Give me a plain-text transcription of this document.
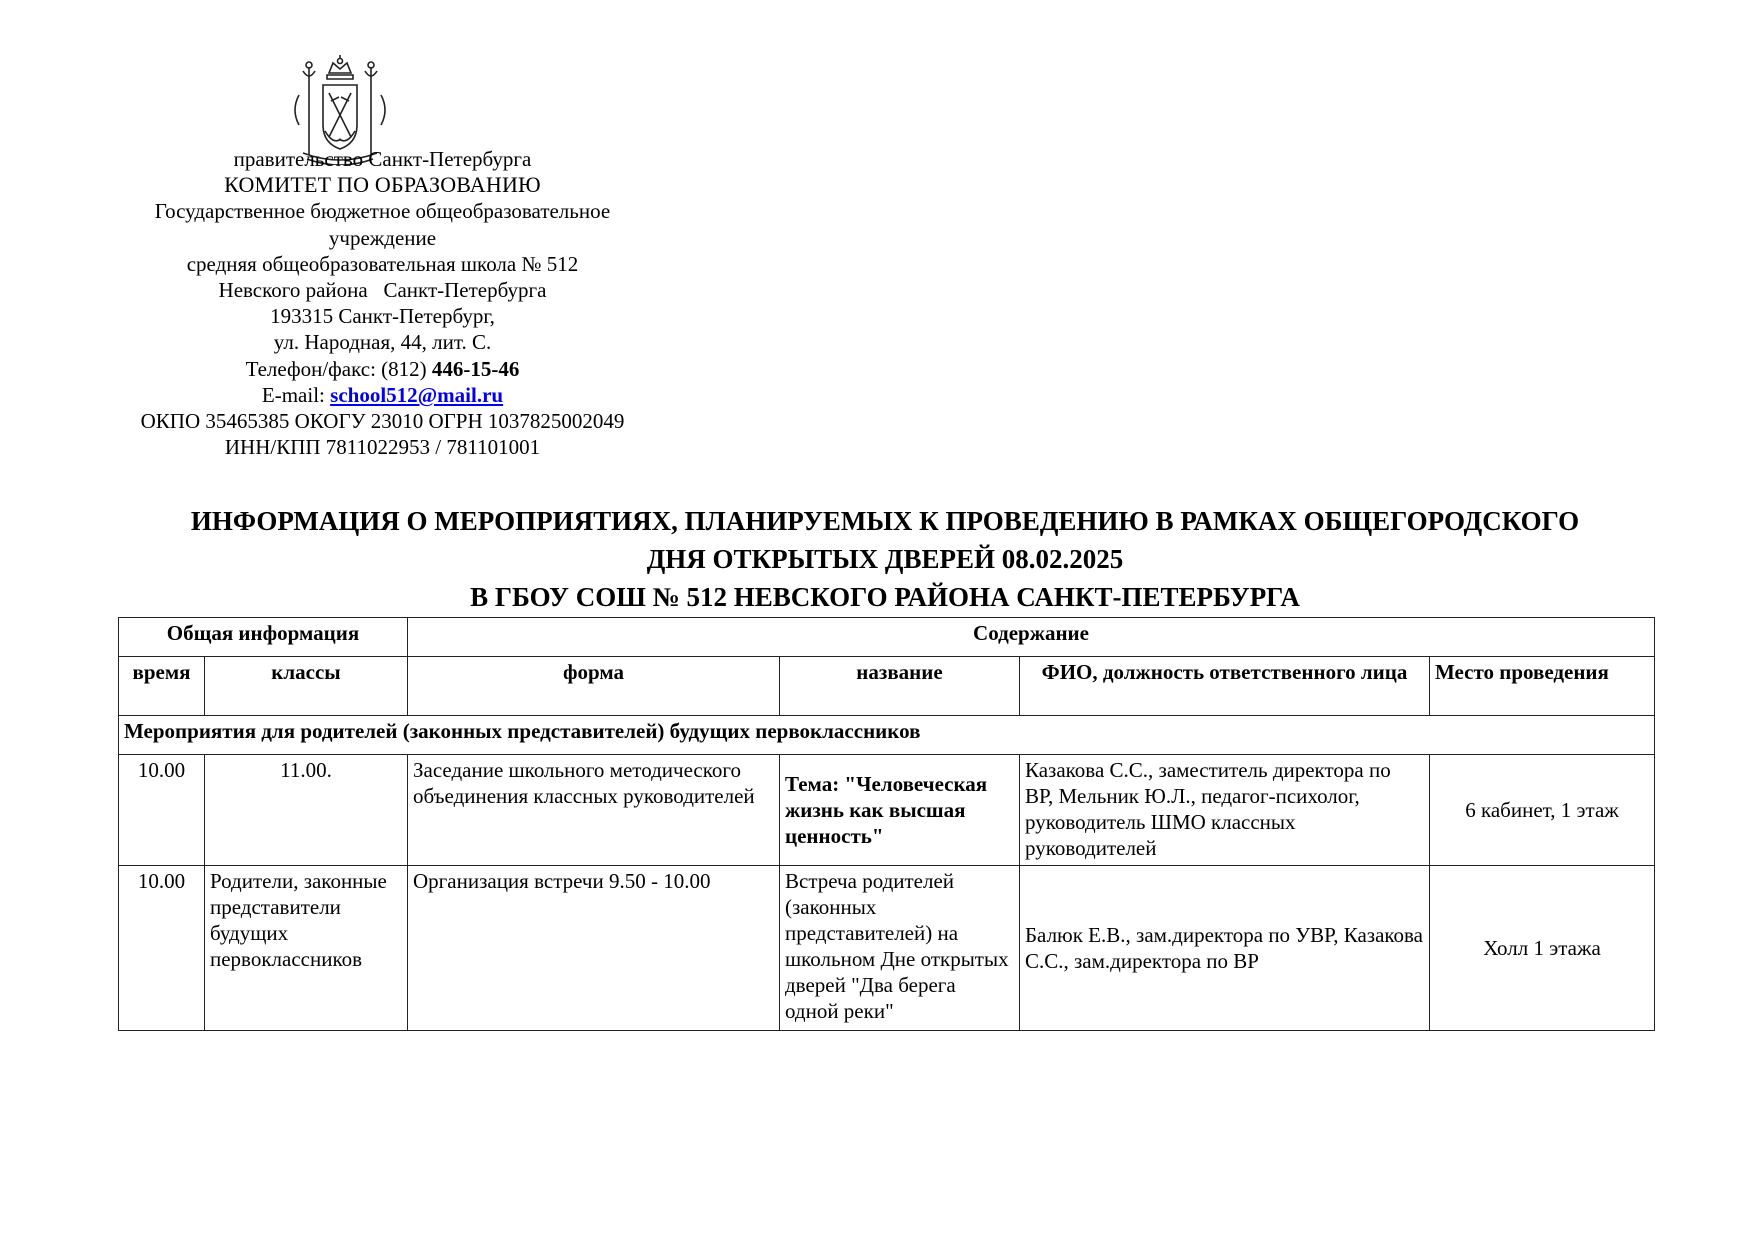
правительство Санкт-Петербурга
КОМИТЕТ ПО ОБРАЗОВАНИЮ
Государственное бюджетное общеобразовательное учреждение
средняя общеобразовательная школа № 512
Невского района   Санкт-Петербурга
193315 Санкт-Петербург,
ул. Народная, 44, лит. С.
Телефон/факс: (812) 446-15-46
E-mail: school512@mail.ru
ОКПО 35465385 ОКОГУ 23010 ОГРН 1037825002049
ИНН/КПП 7811022953 / 781101001
ИНФОРМАЦИЯ О МЕРОПРИЯТИЯХ, ПЛАНИРУЕМЫХ К ПРОВЕДЕНИЮ В РАМКАХ ОБЩЕГОРОДСКОГО
ДНЯ ОТКРЫТЫХ ДВЕРЕЙ 08.02.2025
В ГБОУ СОШ № 512 НЕВСКОГО РАЙОНА САНКТ-ПЕТЕРБУРГА
Общая информация		Содержание			
время	классы	форма	название	ФИО, должность ответственного лица	Место проведения
Мероприятия для родителей (законных представителей) будущих первоклассников					
10.00	11.00.	Заседание школьного методического объединения классных руководителей	Тема: "Человеческая жизнь как высшая ценность"	Казакова С.С., заместитель директора по ВР, Мельник Ю.Л., педагог-психолог, руководитель ШМО классных руководителей	6 кабинет, 1 этаж
10.00	Родители, законные представители будущих первоклассников	Организация встречи 9.50 - 10.00	Встреча родителей (законных представителей) на школьном Дне открытых дверей "Два берега одной реки"	Балюк Е.В., зам.директора по УВР, Казакова С.С., зам.директора по ВР	Холл 1 этажа
